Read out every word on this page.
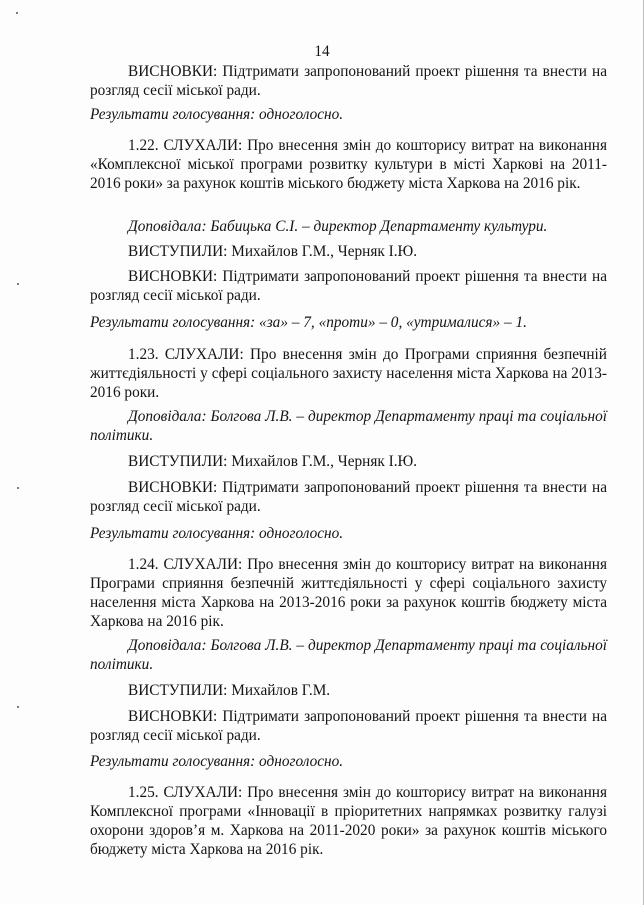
14

ВИСНОВКИ: Підтримати запропонований проект рішення та внести на розгляд сесії міської ради.

Результати голосування: одноголосно.

1.22. СЛУХАЛИ: Про внесення змін до кошторису витрат на виконання «Комплексної міської програми розвитку культури в місті Харкові на 2011-2016 роки» за рахунок коштів міського бюджету міста Харкова на 2016 рік.

Доповідала: Бабицька С.І. – директор Департаменту культури.

ВИСТУПИЛИ: Михайлов Г.М., Черняк І.Ю.

ВИСНОВКИ: Підтримати запропонований проект рішення та внести на розгляд сесії міської ради.

Результати голосування: «за» – 7, «проти» – 0, «утрималися» – 1.

1.23. СЛУХАЛИ: Про внесення змін до Програми сприяння безпечній життєдіяльності у сфері соціального захисту населення міста Харкова на 2013-2016 роки.

Доповідала: Болгова Л.В. – директор Департаменту праці та соціальної політики.

ВИСТУПИЛИ: Михайлов Г.М., Черняк І.Ю.

ВИСНОВКИ: Підтримати запропонований проект рішення та внести на розгляд сесії міської ради.

Результати голосування: одноголосно.

1.24. СЛУХАЛИ: Про внесення змін до кошторису витрат на виконання Програми сприяння безпечній життєдіяльності у сфері соціального захисту населення міста Харкова на 2013-2016 роки за рахунок коштів бюджету міста Харкова на 2016 рік.

Доповідала: Болгова Л.В. – директор Департаменту праці та соціальної політики.

ВИСТУПИЛИ: Михайлов Г.М.

ВИСНОВКИ: Підтримати запропонований проект рішення та внести на розгляд сесії міської ради.

Результати голосування: одноголосно.

1.25. СЛУХАЛИ: Про внесення змін до кошторису витрат на виконання Комплексної програми «Інновації в пріоритетних напрямках розвитку галузі охорони здоров’я м. Харкова на 2011-2020 роки» за рахунок коштів міського бюджету міста Харкова на 2016 рік.
